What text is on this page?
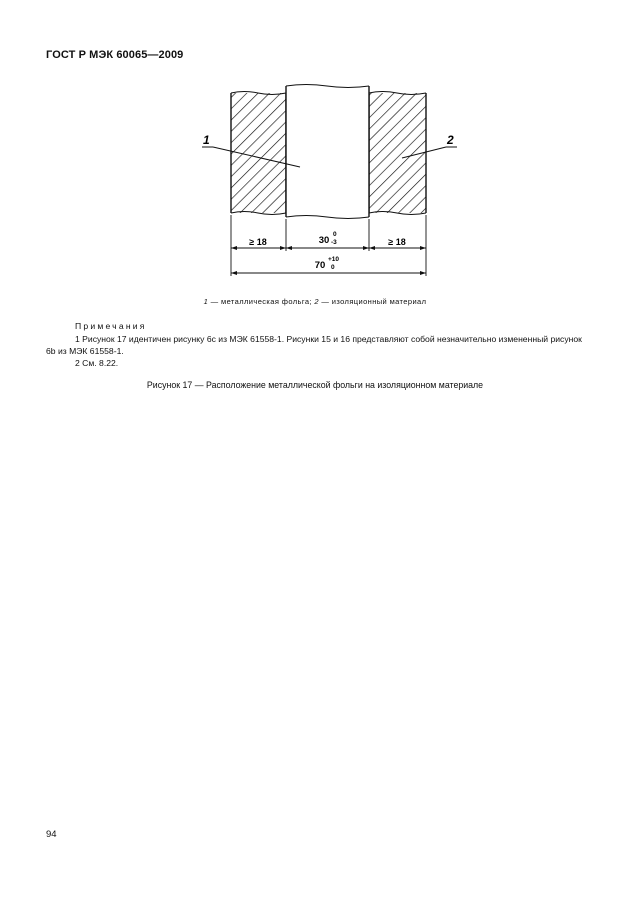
ГОСТ Р МЭК 60065—2009
1	2
≥ 18	30
0
-3	≥ 18
70
+10
0
1 — металлическая фольга; 2 — изоляционный материал
Примечания
1 Рисунок 17 идентичен рисунку 6с из МЭК 61558-1. Рисунки 15 и 16 представляют собой незначительно измененный рисунок 6b из МЭК 61558-1.
2 См. 8.22.
Рисунок 17 — Расположение металлической фольги на изоляционном материале
94
